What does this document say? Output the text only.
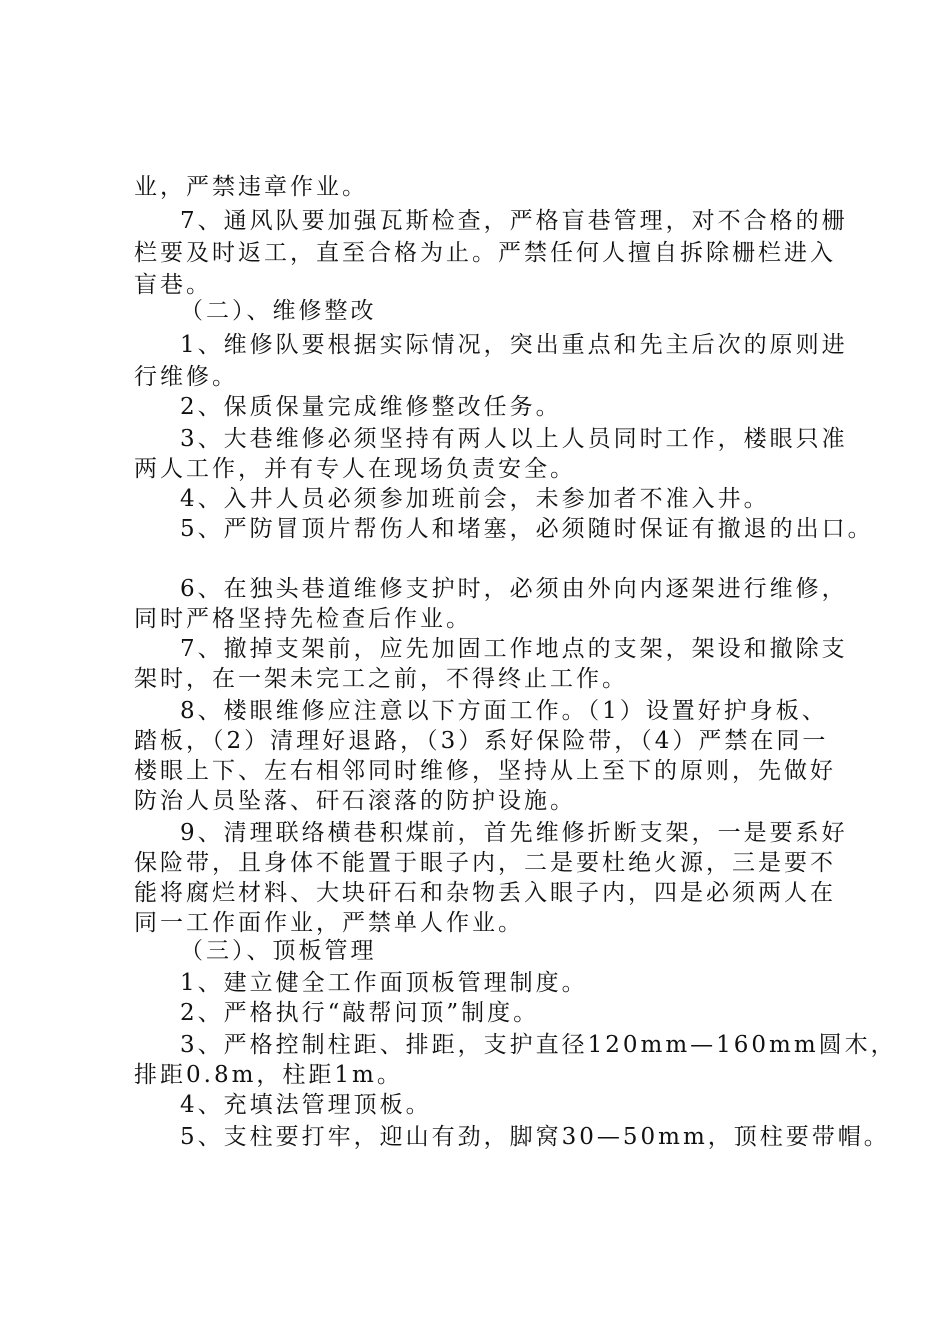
业，严禁违章作业。

7、通风队要加强瓦斯检查，严格盲巷管理，对不合格的栅

栏要及时返工，直至合格为止。严禁任何人擅自拆除栅栏进入

盲巷。

（二）、维修整改

1、维修队要根据实际情况，突出重点和先主后次的原则进

行维修。

2、保质保量完成维修整改任务。

3、大巷维修必须坚持有两人以上人员同时工作，楼眼只准

两人工作，并有专人在现场负责安全。

4、入井人员必须参加班前会，未参加者不准入井。

5、严防冒顶片帮伤人和堵塞，必须随时保证有撤退的出口。

6、在独头巷道维修支护时，必须由外向内逐架进行维修，

同时严格坚持先检查后作业。

7、撤掉支架前，应先加固工作地点的支架，架设和撤除支

架时，在一架未完工之前，不得终止工作。

8、楼眼维修应注意以下方面工作。（1）设置好护身板、

踏板，（2）清理好退路，（3）系好保险带，（4）严禁在同一

楼眼上下、左右相邻同时维修，坚持从上至下的原则，先做好

防治人员坠落、矸石滚落的防护设施。

9、清理联络横巷积煤前，首先维修折断支架，一是要系好

保险带，且身体不能置于眼子内，二是要杜绝火源，三是要不

能将腐烂材料、大块矸石和杂物丢入眼子内，四是必须两人在

同一工作面作业，严禁单人作业。

（三）、顶板管理

1、建立健全工作面顶板管理制度。

2、严格执行“敲帮问顶”制度。

3、严格控制柱距、排距，支护直径120mm—160mm圆木，

排距0.8m，柱距1m。

4、充填法管理顶板。

5、支柱要打牢，迎山有劲，脚窝30—50mm，顶柱要带帽。
